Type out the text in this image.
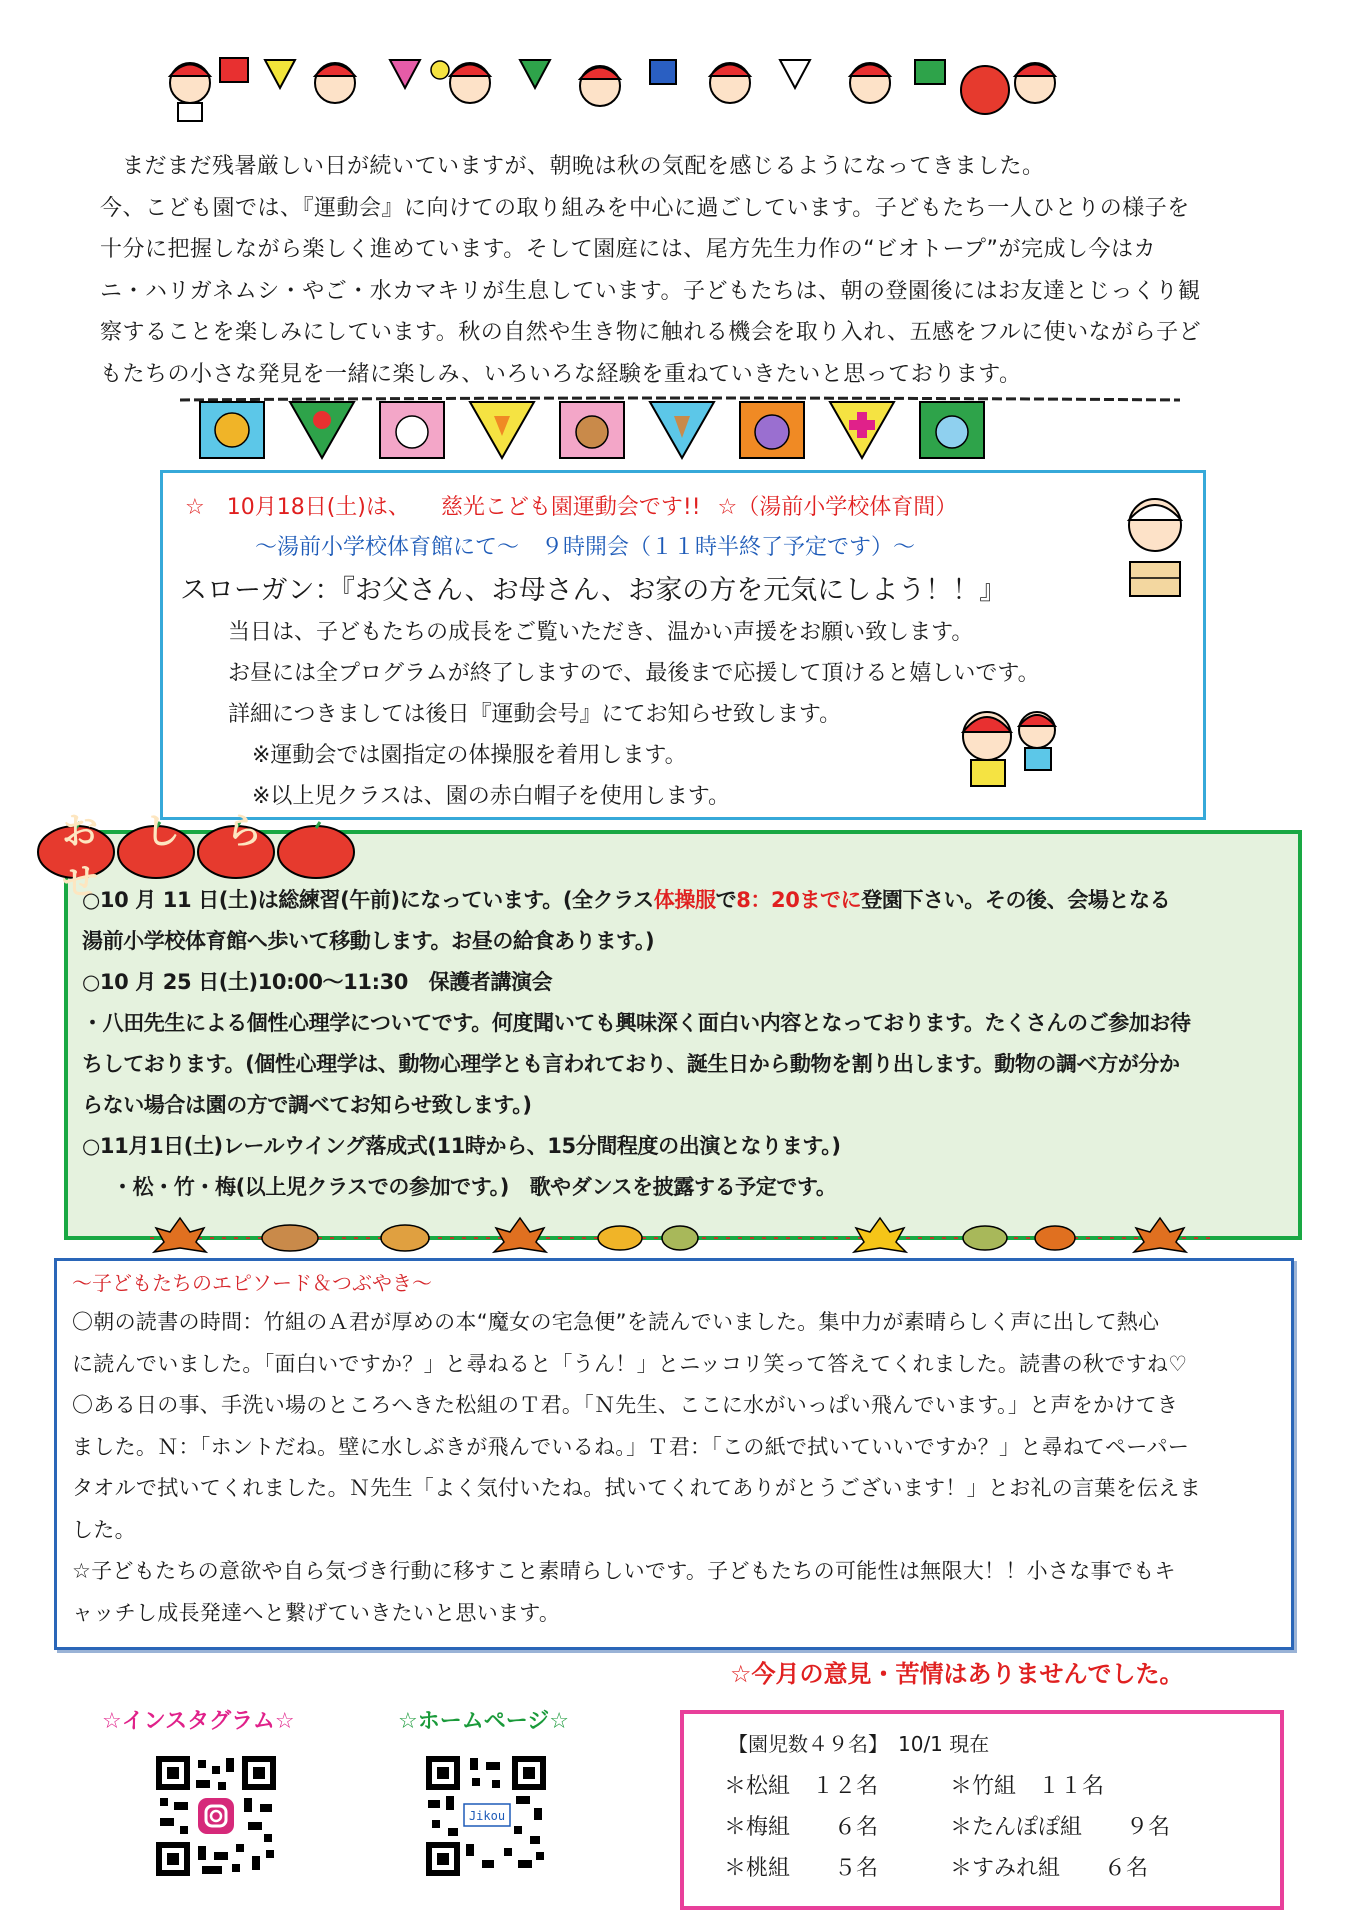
まだまだ残暑厳しい日が続いていますが、朝晩は秋の気配を感じるようになってきました。

今、こども園では、『運動会』に向けての取り組みを中心に過ごしています。子どもたち一人ひとりの様子を

十分に把握しながら楽しく進めています。そして園庭には、尾方先生力作の“ビオトープ”が完成し今はカ

ニ・ハリガネムシ・やご・水カマキリが生息しています。子どもたちは、朝の登園後にはお友達とじっくり観

察することを楽しみにしています。秋の自然や生き物に触れる機会を取り入れ、五感をフルに使いながら子ど

もたちの小さな発見を一緒に楽しみ、いろいろな経験を重ねていきたいと思っております。

☆　10月18日(土)は、 慈光こども園運動会です!! ☆（湯前小学校体育間）
～湯前小学校体育館にて～　９時開会（１１時半終了予定です）～
スローガン：『お父さん、お母さん、お家の方を元気にしよう！！』
当日は、子どもたちの成長をご覧いただき、温かい声援をお願い致します。
お昼には全プログラムが終了しますので、最後まで応援して頂けると嬉しいです。
詳細につきましては後日『運動会号』にてお知らせ致します。
※運動会では園指定の体操服を着用します。
※以上児クラスは、園の赤白帽子を使用します。
おしらせ
○10 月 11 日(土)は総練習(午前)になっています。(全クラス体操服で8：20までに登園下さい。その後、会場となる
湯前小学校体育館へ歩いて移動します。お昼の給食あります。)
○10 月 25 日(土)10:00～11:30　保護者講演会
・八田先生による個性心理学についてです。何度聞いても興味深く面白い内容となっております。たくさんのご参加お待
ちしております。(個性心理学は、動物心理学とも言われており、誕生日から動物を割り出します。動物の調べ方が分か
らない場合は園の方で調べてお知らせ致します。)
○11月1日(土)レールウイング落成式(11時から、15分間程度の出演となります。)
・松・竹・梅(以上児クラスでの参加です。)　歌やダンスを披露する予定です。
～子どもたちのエピソード＆つぶやき～
〇朝の読書の時間：竹組のＡ君が厚めの本“魔女の宅急便”を読んでいました。集中力が素晴らしく声に出して熱心
に読んでいました。「面白いですか？」と尋ねると「うん！」とニッコリ笑って答えてくれました。読書の秋ですね♡
〇ある日の事、手洗い場のところへきた松組のＴ君。「Ｎ先生、ここに水がいっぱい飛んでいます。」と声をかけてき
ました。Ｎ：「ホントだね。壁に水しぶきが飛んでいるね。」Ｔ君：「この紙で拭いていいですか？」と尋ねてペーパー
タオルで拭いてくれました。Ｎ先生「よく気付いたね。拭いてくれてありがとうございます！」とお礼の言葉を伝えま
した。
☆子どもたちの意欲や自ら気づき行動に移すこと素晴らしいです。子どもたちの可能性は無限大！！小さな事でもキ
ャッチし成長発達へと繋げていきたいと思います。
☆今月の意見・苦情はありませんでした。
☆インスタグラム☆	☆ホームページ☆
Jikou
【園児数４９名】　10/1 現在
＊松組　１２名	＊竹組　１１名
＊梅組　　６名	＊たんぽぽ組　　９名
＊桃組　　５名	＊すみれ組　　６名
